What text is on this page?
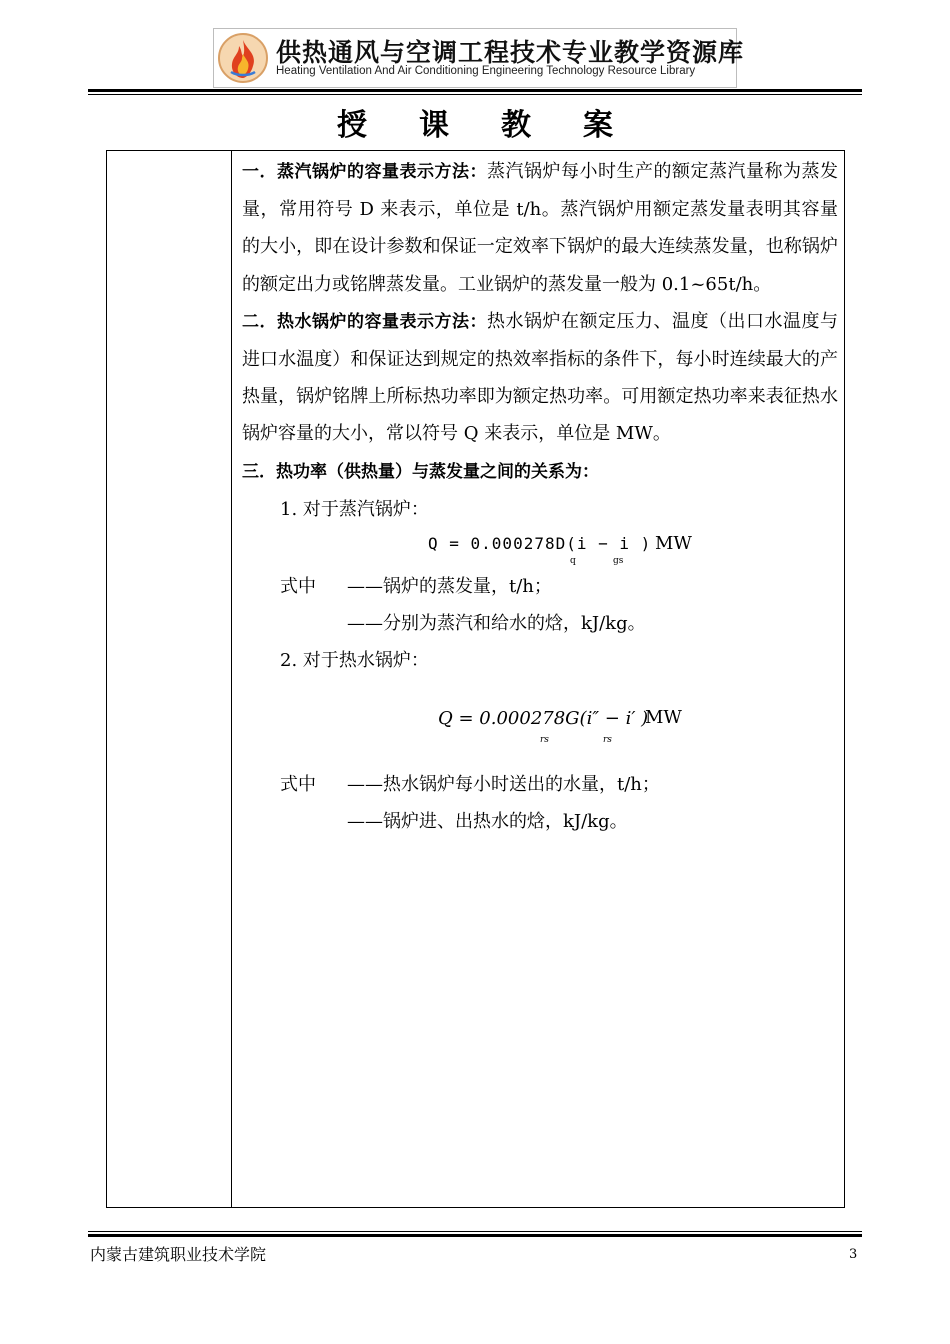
供热通风与空调工程技术专业教学资源库
Heating Ventilation And Air Conditioning Engineering Technology Resource Library
授课教案

一．蒸汽锅炉的容量表示方法：蒸汽锅炉每小时生产的额定蒸汽量称为蒸发量，常用符号 D 来表示，单位是 t/h。蒸汽锅炉用额定蒸发量表明其容量的大小，即在设计参数和保证一定效率下锅炉的最大连续蒸发量，也称锅炉的额定出力或铭牌蒸发量。工业锅炉的蒸发量一般为 0.1~65t/h。

二．热水锅炉的容量表示方法：热水锅炉在额定压力、温度（出口水温度与进口水温度）和保证达到规定的热效率指标的条件下，每小时连续最大的产热量，锅炉铭牌上所标热功率即为额定热功率。可用额定热功率来表征热水锅炉容量的大小，常以符号 Q 来表示，单位是 MW。

三．热功率（供热量）与蒸发量之间的关系为：

1. 对于蒸汽锅炉：

Q = 0.000278D(i − i )
q	gs
MW

式中 ——锅炉的蒸发量，t/h；

——分别为蒸汽和给水的焓，kJ/kg。

2. 对于热水锅炉：

Q = 0.000278G(i″ − i′ )
rs	rs
MW

式中 ——热水锅炉每小时送出的水量，t/h；

——锅炉进、出热水的焓，kJ/kg。

内蒙古建筑职业技术学院	3
